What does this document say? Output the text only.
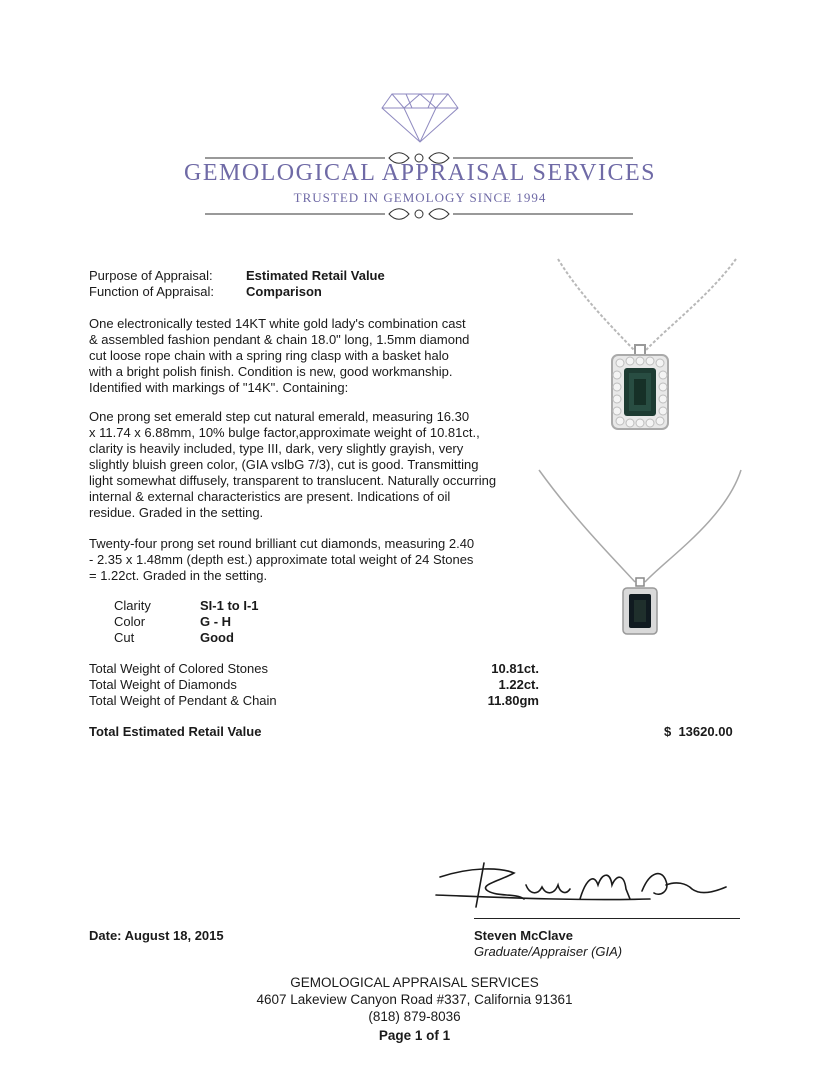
GEMOLOGICAL APPRAISAL SERVICES
TRUSTED IN GEMOLOGY SINCE 1994
Purpose of Appraisal:	Estimated Retail Value
Function of Appraisal:	Comparison
One electronically tested 14KT white gold lady's combination cast
& assembled fashion pendant & chain 18.0" long, 1.5mm diamond
cut loose rope chain with a spring ring clasp with a basket halo
with a bright polish finish. Condition is new, good workmanship.
Identified with markings of "14K". Containing:
One prong set emerald step cut natural emerald, measuring 16.30
x 11.74 x 6.88mm, 10% bulge factor,approximate weight of 10.81ct.,
clarity is heavily included, type III, dark, very slightly grayish, very
slightly bluish green color, (GIA vslbG 7/3), cut is good. Transmitting
light somewhat diffusely, transparent to translucent. Naturally occurring
internal & external characteristics are present. Indications of oil
residue. Graded in the setting.
Twenty-four prong set round brilliant cut diamonds, measuring 2.40
- 2.35 x 1.48mm (depth est.) approximate total weight of 24 Stones
= 1.22ct. Graded in the setting.
Clarity	SI-1 to I-1
Color	G - H
Cut	Good
Total Weight of Colored Stones	10.81ct.
Total Weight of Diamonds	1.22ct.
Total Weight of Pendant & Chain	11.80gm
Total Estimated Retail Value	$  13620.00
Date: August 18, 2015	Steven McClave
Graduate/Appraiser (GIA)
GEMOLOGICAL APPRAISAL SERVICES
4607 Lakeview Canyon Road #337, California 91361
(818) 879-8036
Page 1 of 1
